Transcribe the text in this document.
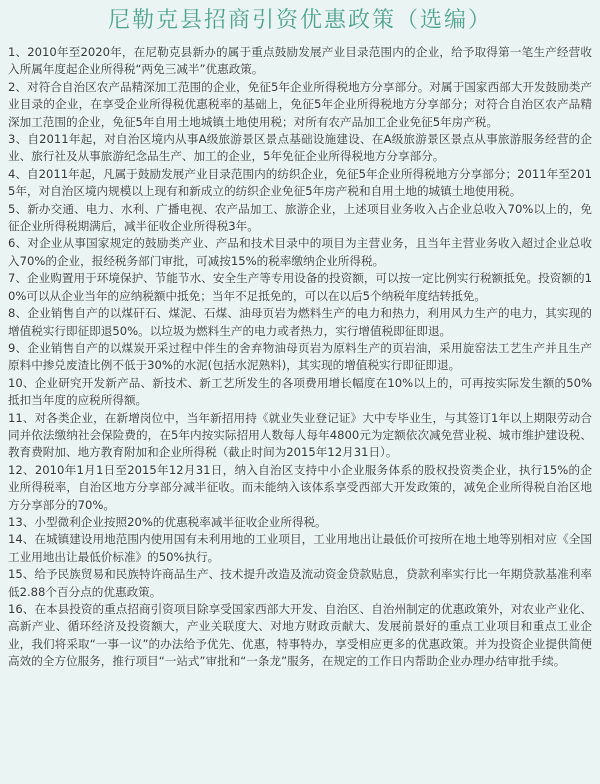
尼勒克县招商引资优惠政策（选编）
1、2010年至2020年，在尼勒克县新办的属于重点鼓励发展产业目录范围内的企业，给予取得第一笔生产经营收入所属年度起企业所得税“两免三减半”优惠政策。
2、对符合自治区农产品精深加工范围的企业，免征5年企业所得税地方分享部分。对属于国家西部大开发鼓励类产业目录的企业，在享受企业所得税优惠税率的基础上，免征5年企业所得税地方分享部分；对符合自治区农产品精深加工范围的企业，免征5年自用土地城镇土地使用税；对所有农产品加工企业免征5年房产税。
3、自2011年起，对自治区境内从事A级旅游景区景点基础设施建设、在A级旅游景区景点从事旅游服务经营的企业、旅行社及从事旅游纪念品生产、加工的企业，5年免征企业所得税地方分享部分。
4、自2011年起，凡属于鼓励发展产业目录范围内的纺织企业，免征5年企业所得税地方分享部分；2011年至2015年，对自治区境内规模以上现有和新成立的纺织企业免征5年房产税和自用土地的城镇土地使用税。
5、新办交通、电力、水利、广播电视、农产品加工、旅游企业，上述项目业务收入占企业总收入70%以上的，免征企业所得税期满后，减半征收企业所得税3年。
6、对企业从事国家规定的鼓励类产业、产品和技术目录中的项目为主营业务，且当年主营业务收入超过企业总收入70%的企业，报经税务部门审批，可减按15%的税率缴纳企业所得税。
7、企业购置用于环境保护、节能节水、安全生产等专用设备的投资额，可以按一定比例实行税额抵免。投资额的10%可以从企业当年的应纳税额中抵免；当年不足抵免的，可以在以后5个纳税年度结转抵免。
8、企业销售自产的以煤矸石、煤泥、石煤、油母页岩为燃料生产的电力和热力，利用风力生产的电力，其实现的增值税实行即征即退50%。以垃圾为燃料生产的电力或者热力，实行增值税即征即退。
9、企业销售自产的以煤炭开采过程中伴生的舍弃物油母页岩为原料生产的页岩油，采用旋窑法工艺生产并且生产原料中掺兑废渣比例不低于30%的水泥(包括水泥熟料)，其实现的增值税实行即征即退。
10、企业研究开发新产品、新技术、新工艺所发生的各项费用增长幅度在10%以上的，可再按实际发生额的50%抵扣当年度的应税所得额。
11、对各类企业，在新增岗位中，当年新招用持《就业失业登记证》大中专毕业生，与其签订1年以上期限劳动合同并依法缴纳社会保险费的，在5年内按实际招用人数每人每年4800元为定额依次减免营业税、城市维护建设税、教育费附加、地方教育附加和企业所得税（截止时间为2015年12月31日）。
12、2010年1月1日至2015年12月31日，纳入自治区支持中小企业服务体系的股权投资类企业，执行15%的企业所得税率，自治区地方分享部分减半征收。而未能纳入该体系享受西部大开发政策的，减免企业所得税自治区地方分享部分的70%。
13、小型微利企业按照20%的优惠税率减半征收企业所得税。
14、在城镇建设用地范围内使用国有未利用地的工业项目，工业用地出让最低价可按所在地土地等别相对应《全国工业用地出让最低价标准》的50%执行。
15、给予民族贸易和民族特许商品生产、技术提升改造及流动资金贷款贴息，贷款利率实行比一年期贷款基准利率低2.88个百分点的优惠政策。
16、在本县投资的重点招商引资项目除享受国家西部大开发、自治区、自治州制定的优惠政策外，对农业产业化、高新产业、循环经济及投资额大，产业关联度大、对地方财政贡献大、发展前景好的重点工业项目和重点工业企业，我们将采取“一事一议”的办法给予优先、优惠，特事特办，享受相应更多的优惠政策。并为投资企业提供简便高效的全方位服务，推行项目“一站式”审批和“一条龙”服务，在规定的工作日内帮助企业办理办结审批手续。
